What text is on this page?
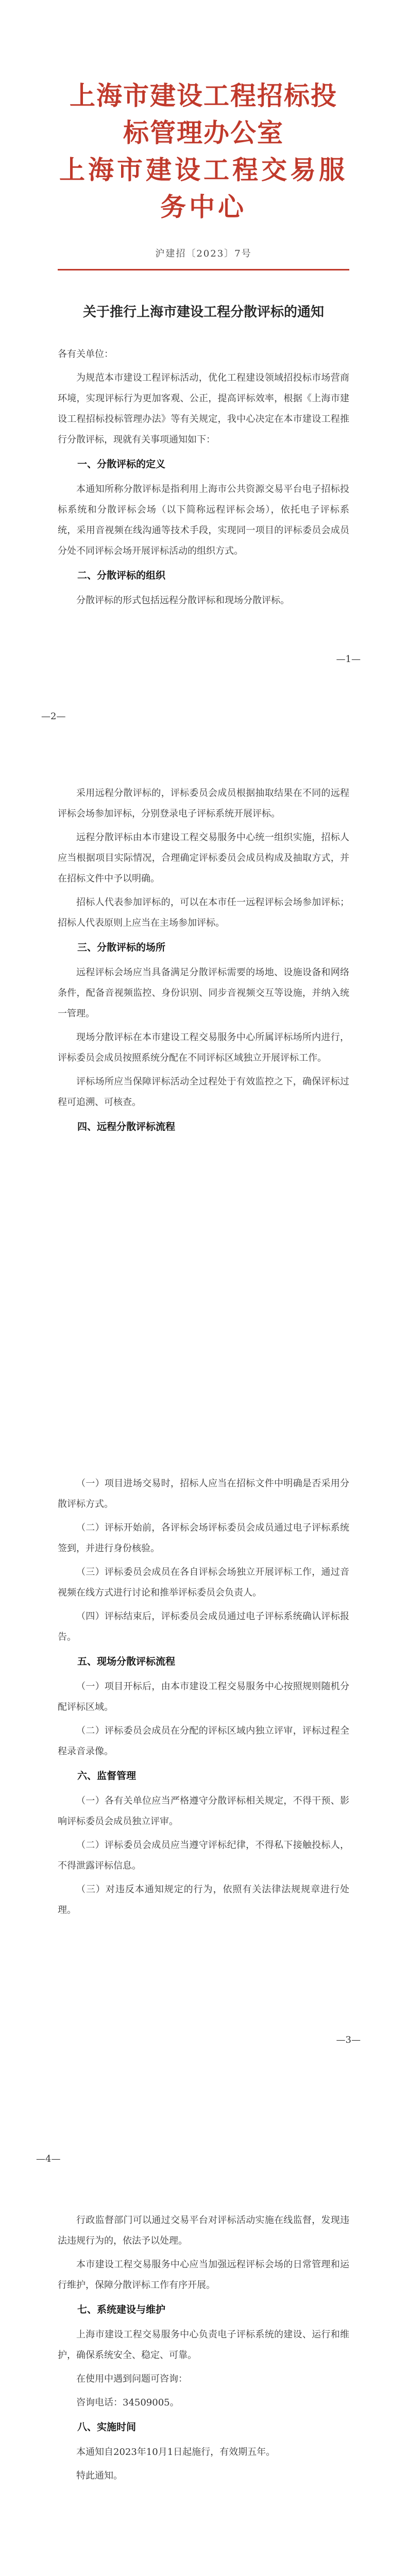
上海市建设工程招标投标管理办公室
上海市建设工程交易服务中心
沪建招〔2023〕7号
关于推行上海市建设工程分散评标的通知

各有关单位：

为规范本市建设工程评标活动，优化工程建设领域招投标市场营商环境，实现评标行为更加客观、公正，提高评标效率，根据《上海市建设工程招标投标管理办法》等有关规定，我中心决定在本市建设工程推行分散评标，现就有关事项通知如下：

一、分散评标的定义

本通知所称分散评标是指利用上海市公共资源交易平台电子招标投标系统和分散评标会场（以下简称远程评标会场），依托电子评标系统，采用音视频在线沟通等技术手段，实现同一项目的评标委员会成员分处不同评标会场开展评标活动的组织方式。

二、分散评标的组织

分散评标的形式包括远程分散评标和现场分散评标。

—1—
—2—

采用远程分散评标的，评标委员会成员根据抽取结果在不同的远程评标会场参加评标，分别登录电子评标系统开展评标。

远程分散评标由本市建设工程交易服务中心统一组织实施，招标人应当根据项目实际情况，合理确定评标委员会成员构成及抽取方式，并在招标文件中予以明确。

招标人代表参加评标的，可以在本市任一远程评标会场参加评标；招标人代表原则上应当在主场参加评标。

三、分散评标的场所

远程评标会场应当具备满足分散评标需要的场地、设施设备和网络条件，配备音视频监控、身份识别、同步音视频交互等设施，并纳入统一管理。

现场分散评标在本市建设工程交易服务中心所属评标场所内进行，评标委员会成员按照系统分配在不同评标区域独立开展评标工作。

评标场所应当保障评标活动全过程处于有效监控之下，确保评标过程可追溯、可核查。

四、远程分散评标流程

（一）项目进场交易时，招标人应当在招标文件中明确是否采用分散评标方式。

（二）评标开始前，各评标会场评标委员会成员通过电子评标系统签到，并进行身份核验。

（三）评标委员会成员在各自评标会场独立开展评标工作，通过音视频在线方式进行讨论和推举评标委员会负责人。

（四）评标结束后，评标委员会成员通过电子评标系统确认评标报告。

五、现场分散评标流程

（一）项目开标后，由本市建设工程交易服务中心按照规则随机分配评标区域。

（二）评标委员会成员在分配的评标区域内独立评审，评标过程全程录音录像。

六、监督管理

（一）各有关单位应当严格遵守分散评标相关规定，不得干预、影响评标委员会成员独立评审。

（二）评标委员会成员应当遵守评标纪律，不得私下接触投标人，不得泄露评标信息。

（三）对违反本通知规定的行为，依照有关法律法规规章进行处理。

—3—

行政监督部门可以通过交易平台对评标活动实施在线监督，发现违法违规行为的，依法予以处理。

本市建设工程交易服务中心应当加强远程评标会场的日常管理和运行维护，保障分散评标工作有序开展。

七、系统建设与维护

上海市建设工程交易服务中心负责电子评标系统的建设、运行和维护，确保系统安全、稳定、可靠。

在使用中遇到问题可咨询：

咨询电话：34509005。

八、实施时间

本通知自2023年10月1日起施行，有效期五年。

特此通知。

—4—
